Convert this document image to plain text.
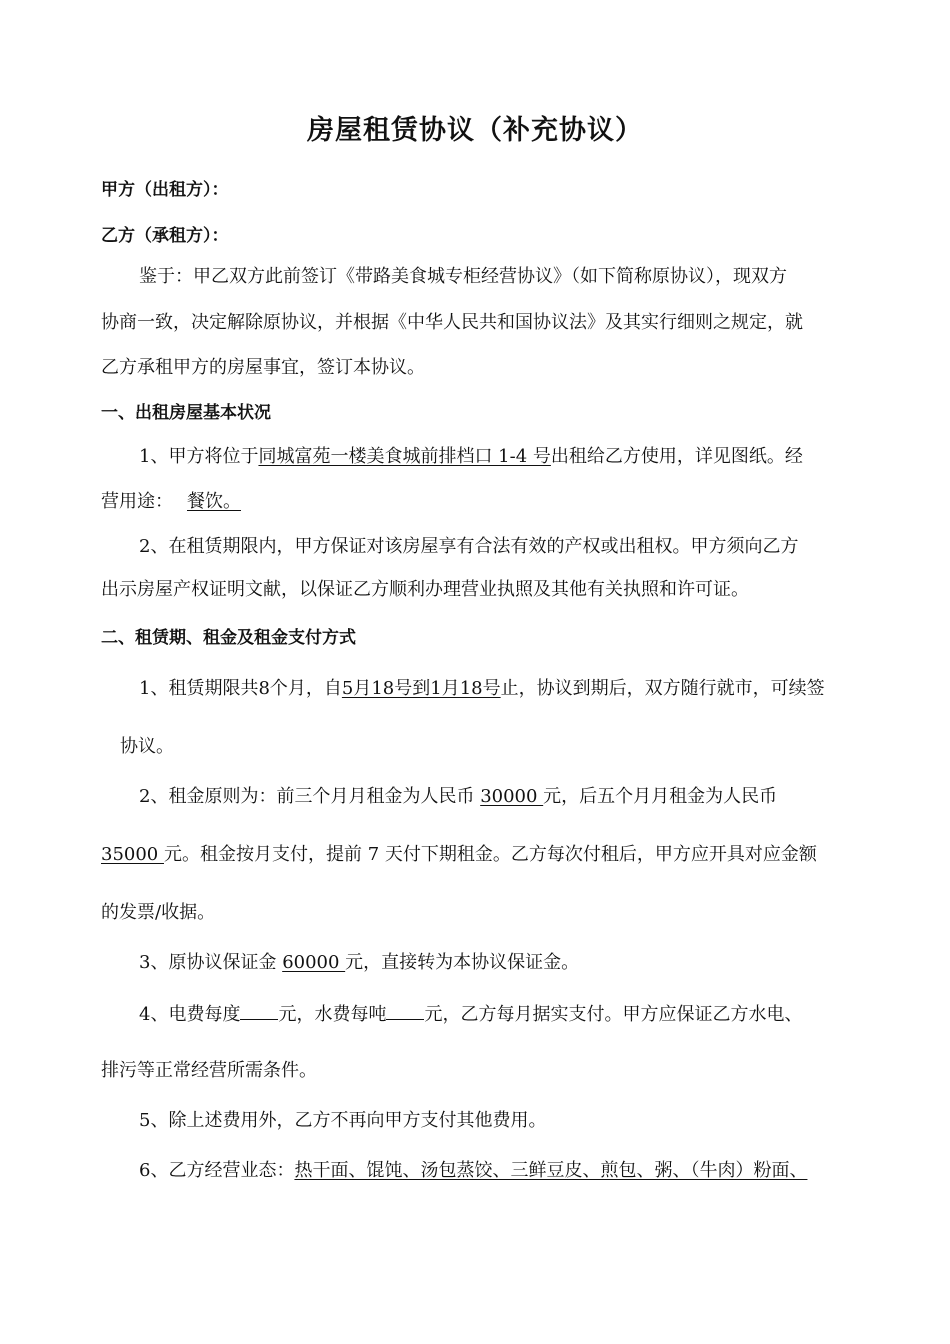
房屋租赁协议（补充协议）
甲方（出租方）：
乙方（承租方）：
鉴于：甲乙双方此前签订《带路美食城专柜经营协议》（如下简称原协议），现双方
协商一致，决定解除原协议，并根据《中华人民共和国协议法》及其实行细则之规定，就
乙方承租甲方的房屋事宜，签订本协议。
一、出租房屋基本状况
1、甲方将位于同城富苑一楼美食城前排档口 1-4 号出租给乙方使用，详见图纸。经
营用途： 餐饮。
2、在租赁期限内，甲方保证对该房屋享有合法有效的产权或出租权。甲方须向乙方
出示房屋产权证明文献，以保证乙方顺利办理营业执照及其他有关执照和许可证。
二、租赁期、租金及租金支付方式
1、租赁期限共8个月，自5月18号到1月18号止，协议到期后，双方随行就市，可续签
协议。
2、租金原则为：前三个月月租金为人民币 30000 元，后五个月月租金为人民币
35000 元。租金按月支付，提前 7 天付下期租金。乙方每次付租后，甲方应开具对应金额
的发票/收据。
3、原协议保证金 60000 元，直接转为本协议保证金。
4、电费每度 元，水费每吨 元，乙方每月据实支付。甲方应保证乙方水电、
排污等正常经营所需条件。
5、除上述费用外，乙方不再向甲方支付其他费用。
6、乙方经营业态：热干面、馄饨、汤包蒸饺、三鲜豆皮、煎包、粥、（牛肉）粉面、
